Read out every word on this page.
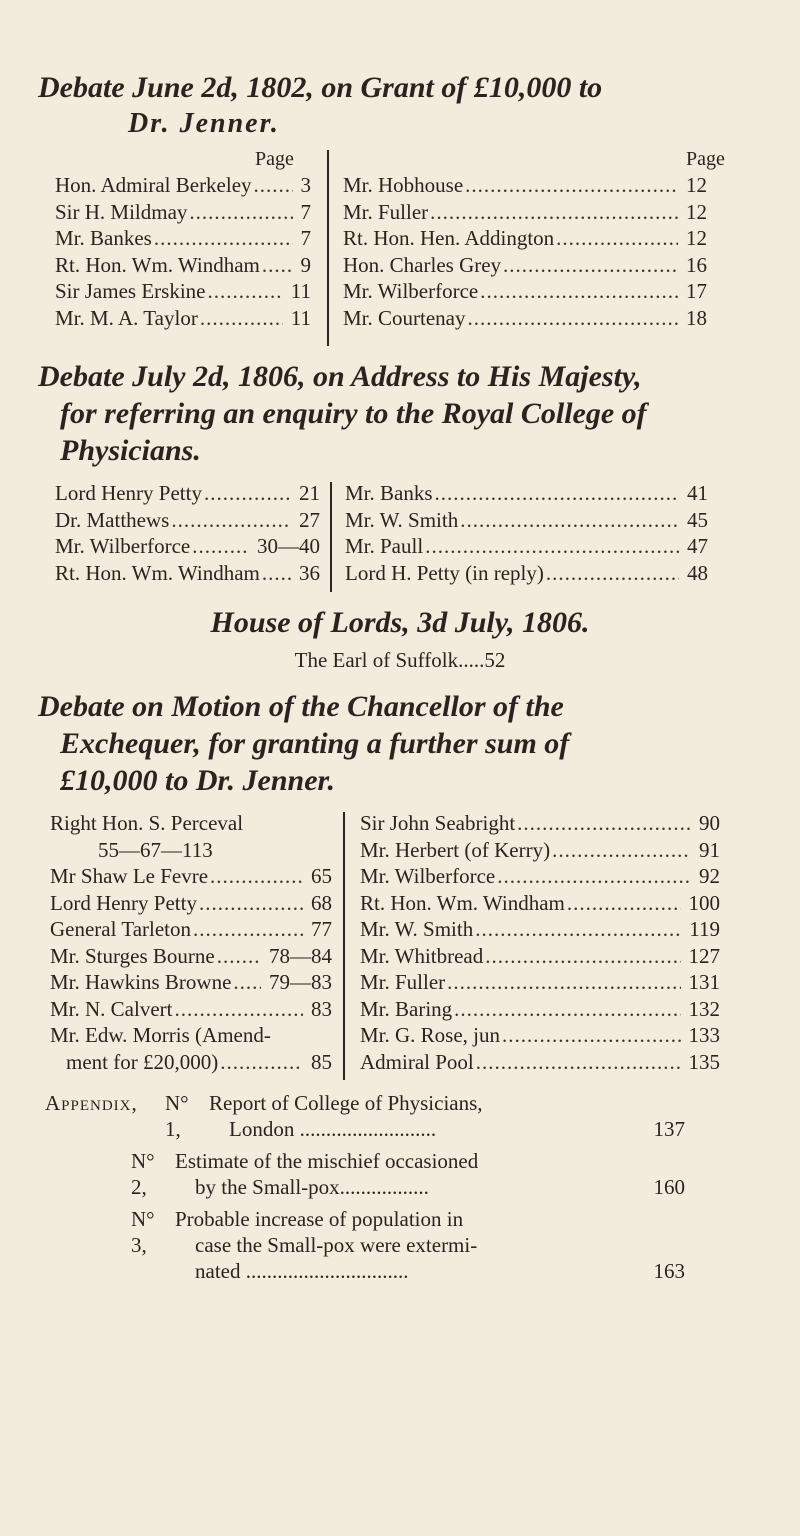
Debate June 2d, 1802, on Grant of £10,000 to
Dr. Jenner.
Page	Page
Hon. Admiral Berkeley ..... 3
Sir H. Mildmay .....	7
Mr. Bankes .....	7
Rt. Hon. Wm. Windham ..... 9
Sir James Erskine .....	11
Mr. M. A. Taylor .....	11
Mr. Hobhouse .....	12
Mr. Fuller .....	12
Rt. Hon. Hen. Addington .....	12
Hon. Charles Grey .....	16
Mr. Wilberforce .....	17
Mr. Courtenay .....	18
Debate July 2d, 1806, on Address to His Majesty,
for referring an enquiry to the Royal College of
Physicians.
Lord Henry Petty .....	21
Dr. Matthews .....	27
Mr. Wilberforce .....	30—40
Rt. Hon. Wm. Windham ..... 36
Mr. Banks .....	41
Mr. W. Smith .....	45
Mr. Paull .....	47
Lord H. Petty (in reply) .....	48
House of Lords, 3d July, 1806.
The Earl of Suffolk.....52
Debate on Motion of the Chancellor of the
Exchequer, for granting a further sum of
£10,000 to Dr. Jenner.
Right Hon. S. Perceval
55—67—113
Mr Shaw Le Fevre .....	65
Lord Henry Petty .....	68
General Tarleton .....	77
Mr. Sturges Bourne .....	78—84
Mr. Hawkins Browne ..... 79—83
Mr. N. Calvert .....	83
Mr. Edw. Morris (Amend-
ment for £20,000) .....	85
Sir John Seabright .....	90
Mr. Herbert (of Kerry) .....	91
Mr. Wilberforce .....	92
Rt. Hon. Wm. Windham .....	100
Mr. W. Smith .....	119
Mr. Whitbread .....	127
Mr. Fuller .....	131
Mr. Baring .....	132
Mr. G. Rose, jun .....	133
Admiral Pool .....	135
Appendix,	N° 1,
Report of College of Physicians,
London ..........................	137
N° 2,
Estimate of the mischief occasioned
by the Small-pox.................	160
N° 3,
Probable increase of population in
case the Small-pox were extermi-
nated ...............................	163
